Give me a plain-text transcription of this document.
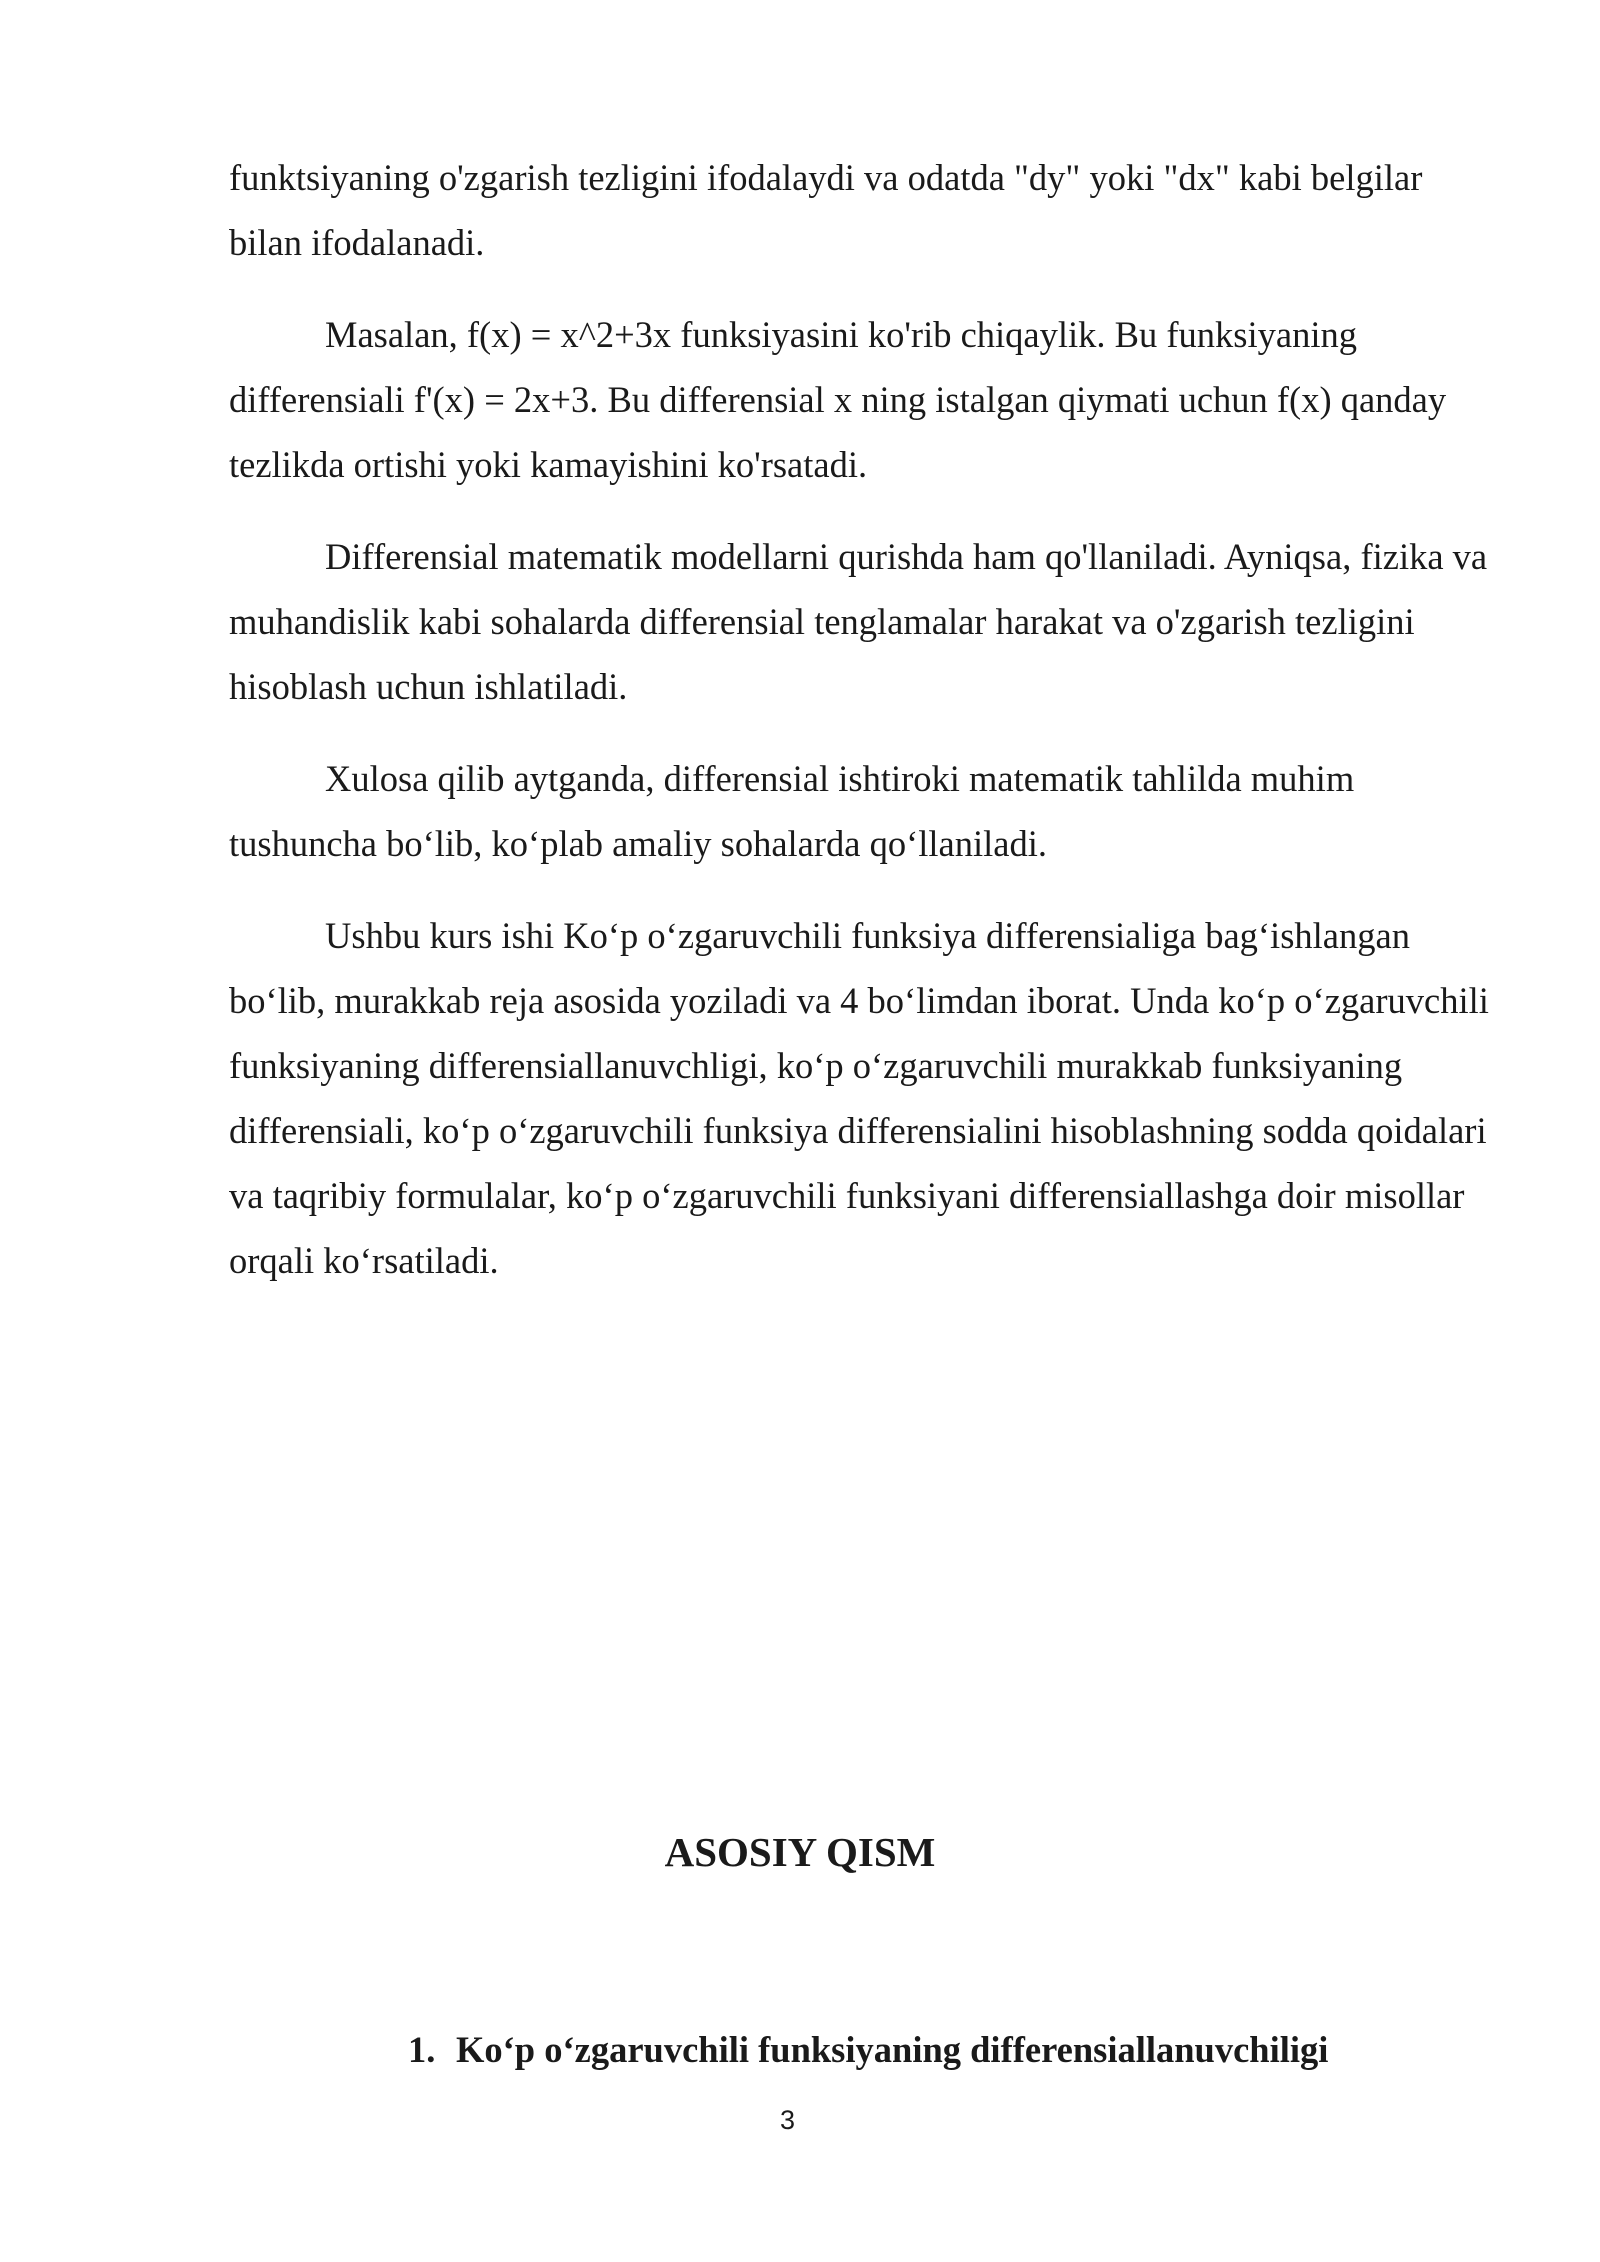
funktsiyaning o'zgarish tezligini ifodalaydi va odatda "dy" yoki "dx" kabi belgilar bilan ifodalanadi.

Masalan, f(x) = x^2+3x funksiyasini ko'rib chiqaylik. Bu funksiyaning differensiali f'(x) = 2x+3. Bu differensial x ning istalgan qiymati uchun f(x) qanday tezlikda ortishi yoki kamayishini ko'rsatadi.

Differensial matematik modellarni qurishda ham qo'llaniladi. Ayniqsa, fizika va muhandislik kabi sohalarda differensial tenglamalar harakat va o'zgarish tezligini hisoblash uchun ishlatiladi.

Xulosa qilib aytganda, differensial ishtiroki matematik tahlilda muhim tushuncha bo‘lib, ko‘plab amaliy sohalarda qo‘llaniladi.

Ushbu kurs ishi Ko‘p o‘zgaruvchili funksiya differensialiga bag‘ishlangan bo‘lib, murakkab reja asosida yoziladi va 4 bo‘limdan iborat. Unda ko‘p o‘zgaruvchili funksiyaning differensiallanuvchligi, ko‘p o‘zgaruvchili murakkab funksiyaning differensiali, ko‘p o‘zgaruvchili funksiya differensialini hisoblashning sodda qoidalari va taqribiy formulalar, ko‘p o‘zgaruvchili funksiyani differensiallashga doir misollar orqali ko‘rsatiladi.

ASOSIY QISM
1. Ko‘p o‘zgaruvchili funksiyaning differensiallanuvchiligi
3
